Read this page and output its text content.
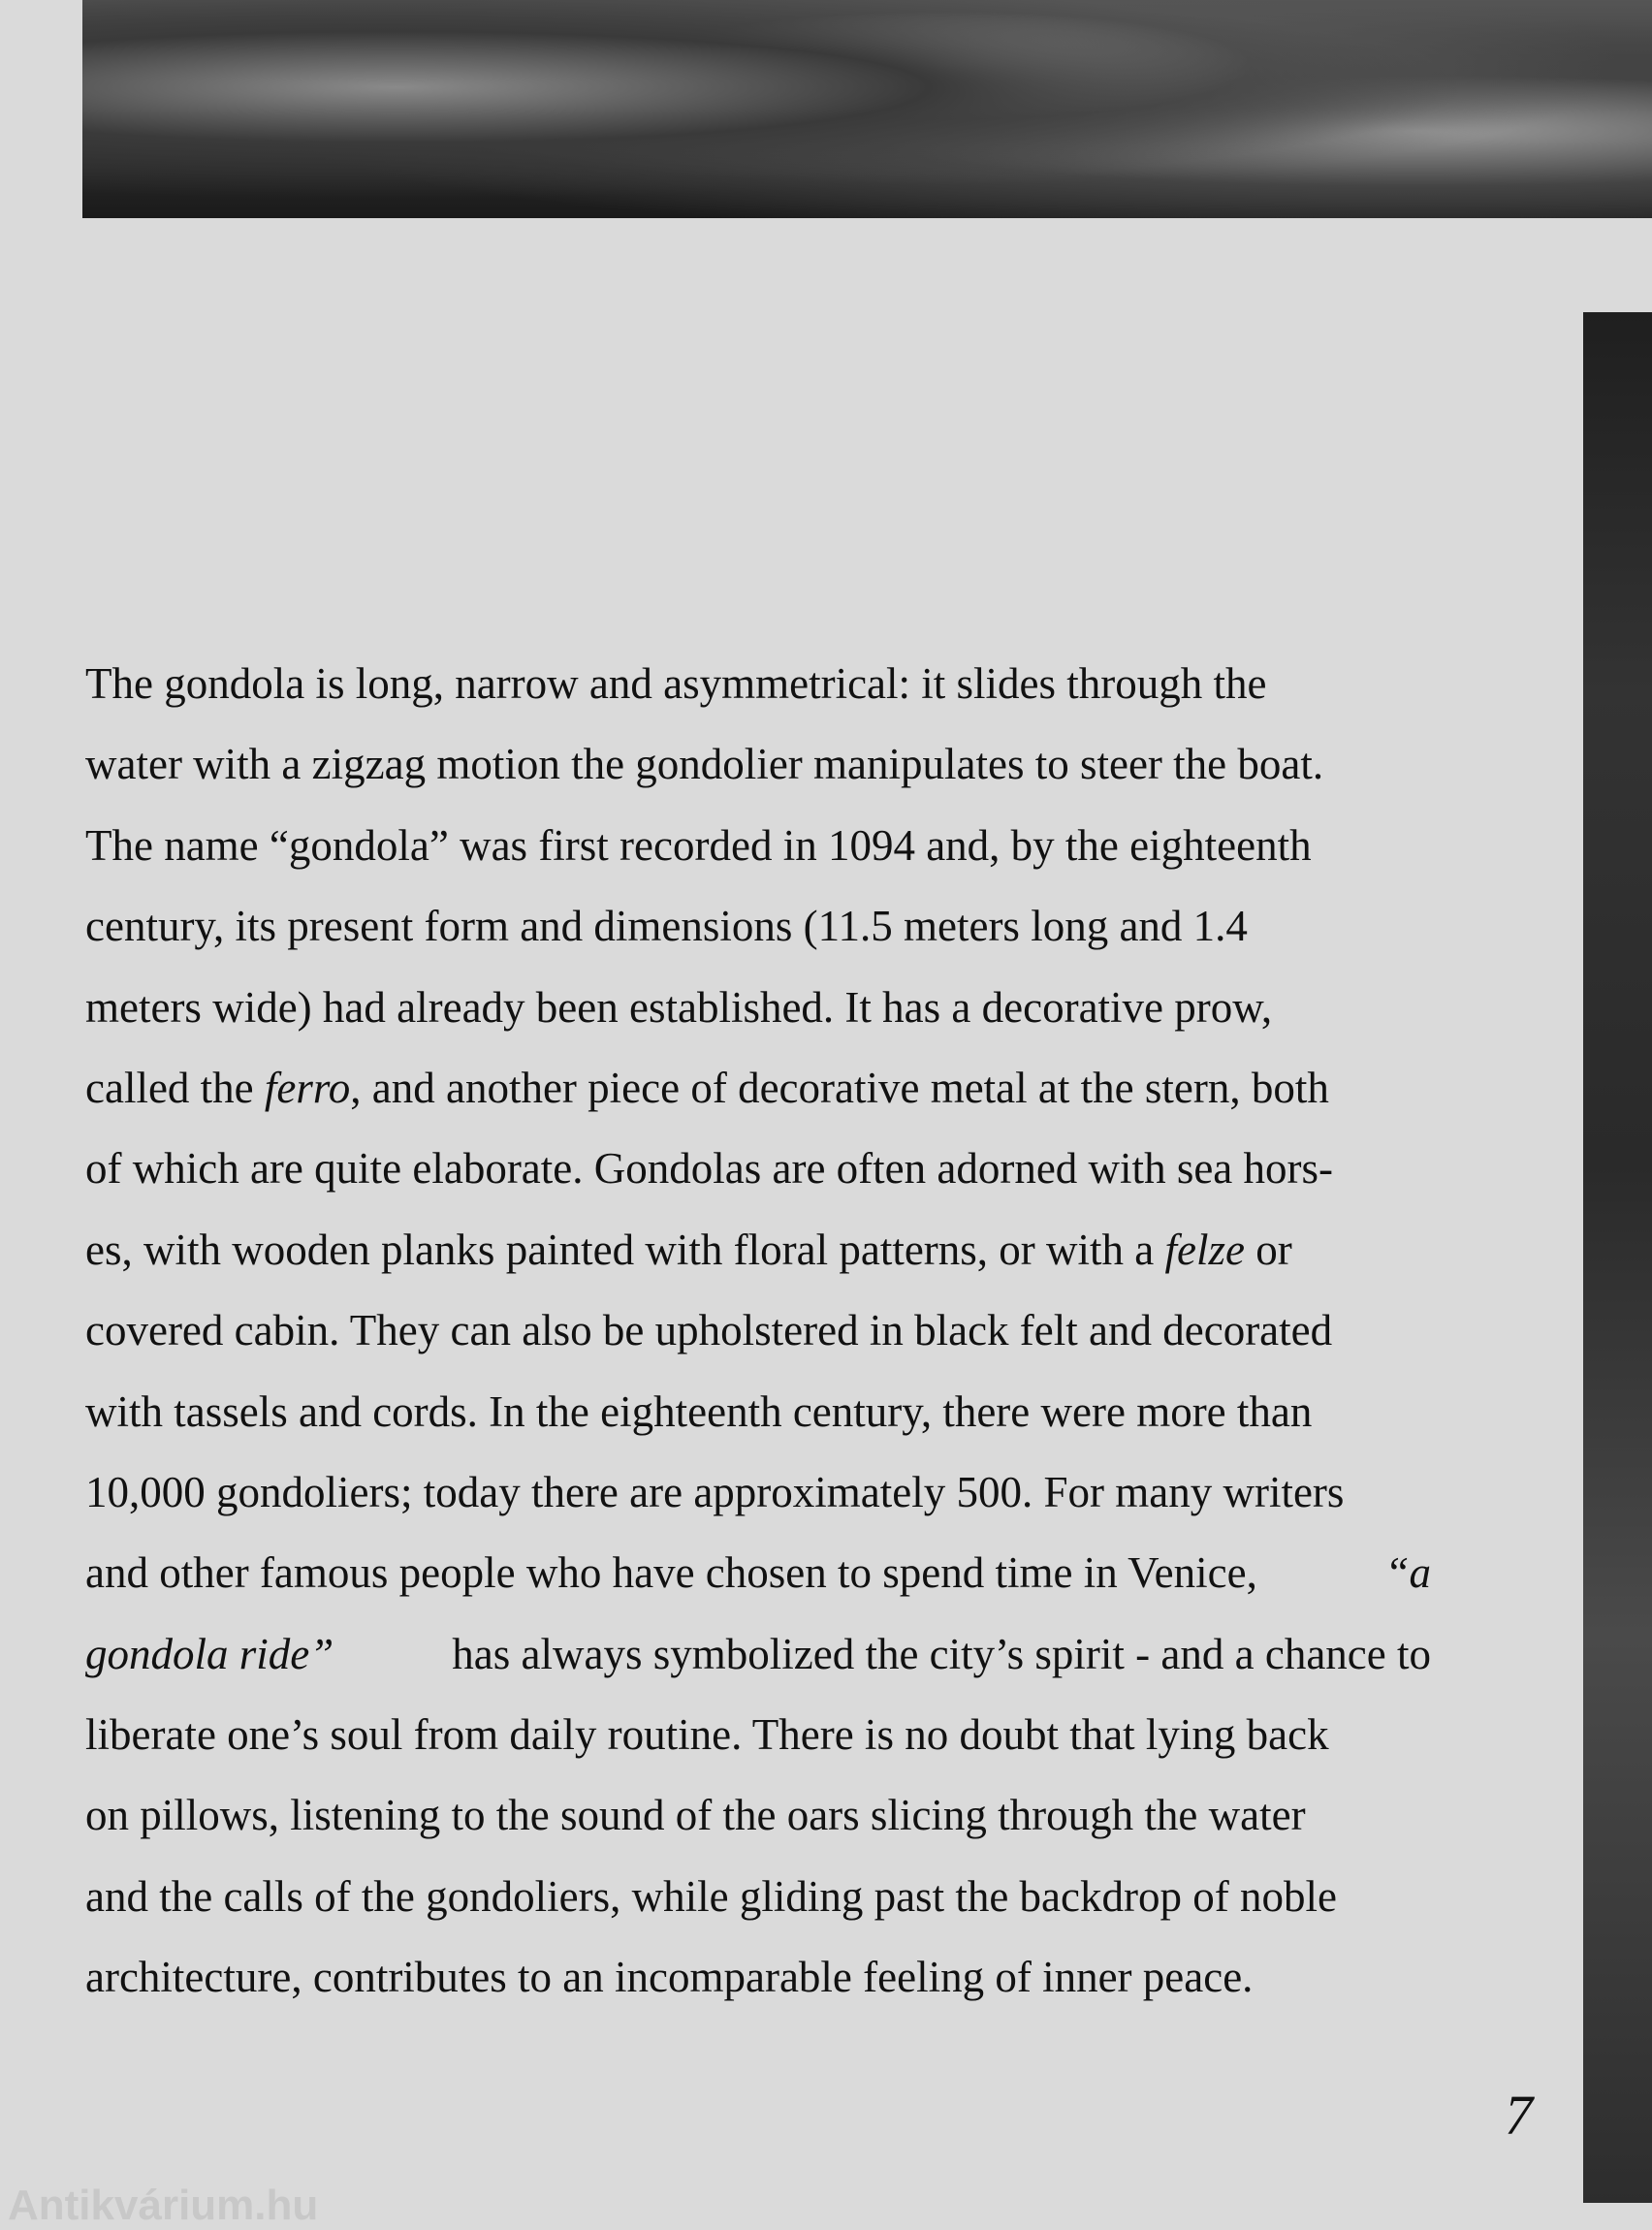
The gondola is long, narrow and asymmetrical: it slides through the
water with a zigzag motion the gondolier manipulates to steer the boat.
The name “gondola” was first recorded in 1094 and, by the eighteenth
century, its present form and dimensions (11.5 meters long and 1.4
meters wide) had already been established. It has a decorative prow,
called the ferro , and another piece of decorative metal at the stern, both
of which are quite elaborate. Gondolas are often adorned with sea hors-
es, with wooden planks painted with floral patterns, or with a felze or
covered cabin. They can also be upholstered in black felt and decorated
with tassels and cords. In the eighteenth century, there were more than
10,000 gondoliers; today there are approximately 500. For many writers
and other famous people who have chosen to spend time in Venice,	“a
gondola ride” has always symbolized the city’s spirit - and a chance to
liberate one’s soul from daily routine. There is no doubt that lying back
on pillows, listening to the sound of the oars slicing through the water
and the calls of the gondoliers, while gliding past the backdrop of noble
architecture, contributes to an incomparable feeling of inner peace.
7
Antikvárium.hu
